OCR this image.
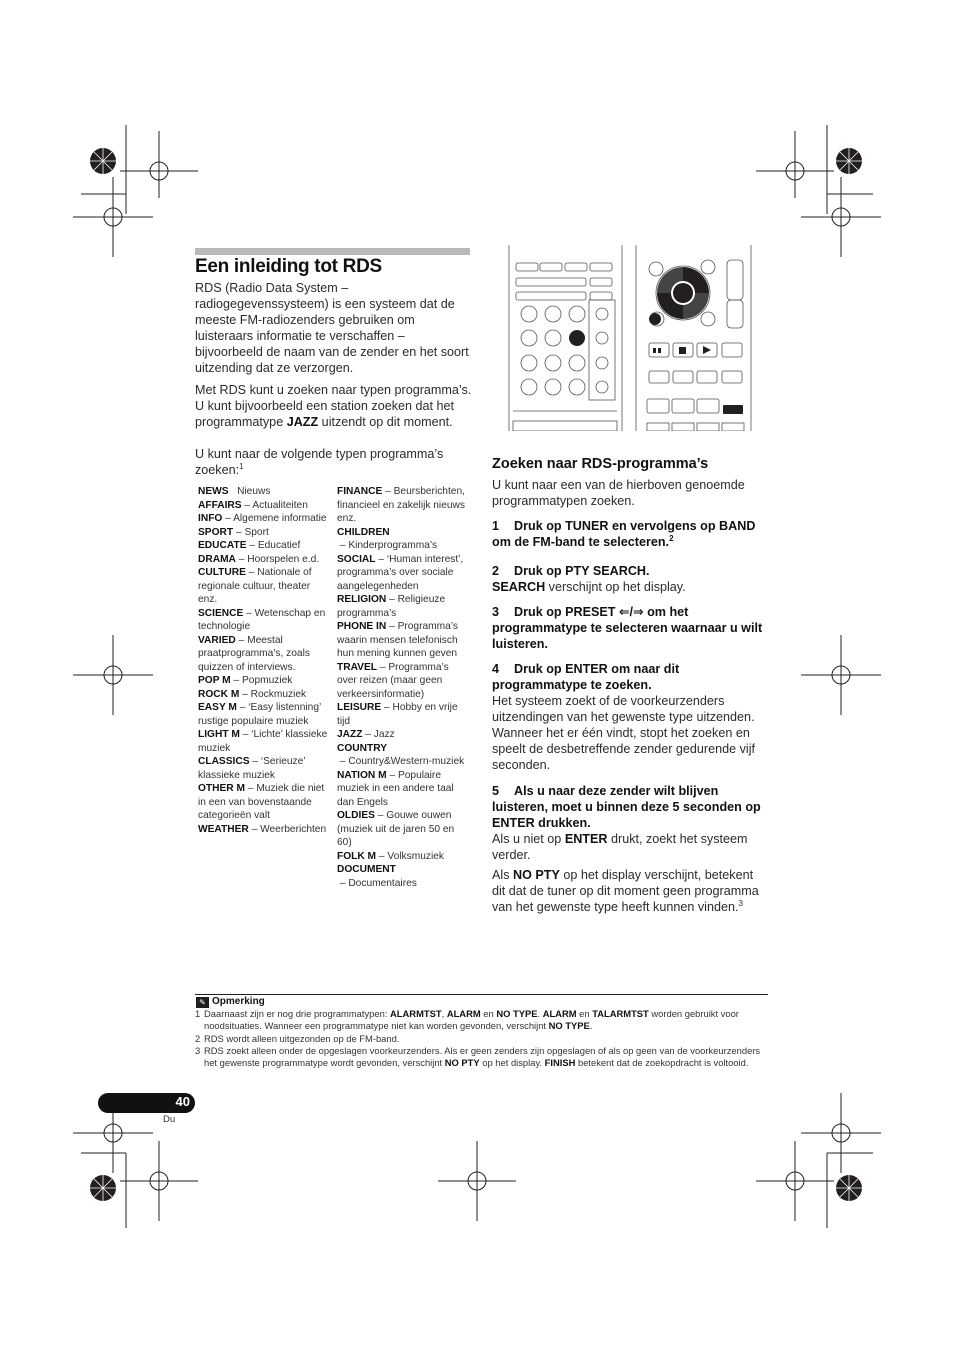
Een inleiding tot RDS
RDS (Radio Data System – radiogegevenssysteem) is een systeem dat de meeste FM-radiozenders gebruiken om luisteraars informatie te verschaffen – bijvoorbeeld de naam van de zender en het soort uitzending dat ze verzorgen.
Met RDS kunt u zoeken naar typen programma’s. U kunt bijvoorbeeld een station zoeken dat het programmatype JAZZ uitzendt op dit moment.
U kunt naar de volgende typen programma’s zoeken:$^1$
NEWS Nieuws
AFFAIRS – Actualiteiten
INFO – Algemene informatie
SPORT – Sport
EDUCATE – Educatief
DRAMA – Hoorspelen e.d.
CULTURE – Nationale of regionale cultuur, theater enz.
SCIENCE – Wetenschap en technologie
VARIED – Meestal praatprogramma’s, zoals quizzen of interviews.
POP M – Popmuziek
ROCK M – Rockmuziek
EASY M – ‘Easy listenning’ rustige populaire muziek
LIGHT M – ‘Lichte’ klassieke muziek
CLASSICS – ‘Serieuze’ klassieke muziek
OTHER M – Muziek die niet in een van bovenstaande categorieën valt
WEATHER – Weerberichten
FINANCE – Beursberichten, financieel en zakelijk nieuws enz.
CHILDREN – Kinderprogramma’s
SOCIAL – ‘Human interest’, programma’s over sociale aangelegenheden
RELIGION – Religieuze programma’s
PHONE IN – Programma’s waarin mensen telefonisch hun mening kunnen geven
TRAVEL – Programma’s over reizen (maar geen verkeersinformatie)
LEISURE – Hobby en vrije tijd
JAZZ – Jazz
COUNTRY – Country&Western-muziek
NATION M – Populaire muziek in een andere taal dan Engels
OLDIES – Gouwe ouwen (muziek uit de jaren 50 en 60)
FOLK M – Volksmuziek
DOCUMENT – Documentaires
Zoeken naar RDS-programma’s
U kunt naar een van de hierboven genoemde programmatypen zoeken.
1 Druk op TUNER en vervolgens op BAND om de FM-band te selecteren.$^2$
2 Druk op PTY SEARCH.
SEARCH verschijnt op het display.
3 Druk op PRESET ⇐/⇒ om het programmatype te selecteren waarnaar u wilt luisteren.
4 Druk op ENTER om naar dit programmatype te zoeken.
Het systeem zoekt of de voorkeurzenders uitzendingen van het gewenste type uitzenden. Wanneer het er één vindt, stopt het zoeken en speelt de desbetreffende zender gedurende vijf seconden.
5 Als u naar deze zender wilt blijven luisteren, moet u binnen deze 5 seconden op ENTER drukken.
Als u niet op ENTER drukt, zoekt het systeem verder.
Als NO PTY op het display verschijnt, betekent dit dat de tuner op dit moment geen programma van het gewenste type heeft kunnen vinden.$^3$
✎ Opmerking
1 Daarnaast zijn er nog drie programmatypen: ALARMTST, ALARM en NO TYPE. ALARM en TALARMTST worden gebruikt voor noodsituaties. Wanneer een programmatype niet kan worden gevonden, verschijnt NO TYPE.
2 RDS wordt alleen uitgezonden op de FM-band.
3 RDS zoekt alleen onder de opgeslagen voorkeurzenders. Als er geen zenders zijn opgeslagen of als op geen van de voorkeurzenders het gewenste programmatype wordt gevonden, verschijnt NO PTY op het display. FINISH betekent dat de zoekopdracht is voltooid.
40
Du
